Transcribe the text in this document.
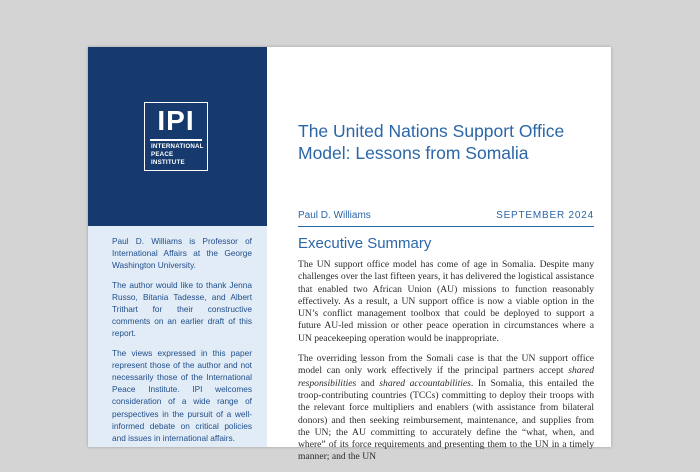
IPI
INTERNATIONAL
PEACE
INSTITUTE

Paul D. Williams is Professor of International Affairs at the George Washington University.

The author would like to thank Jenna Russo, Bitania Tadesse, and Albert Trithart for their constructive comments on an earlier draft of this report.

The views expressed in this paper represent those of the author and not necessarily those of the International Peace Institute. IPI welcomes consideration of a wide range of perspectives in the pursuit of a well-informed debate on critical policies and issues in international affairs.

The United Nations Support Office Model: Lessons from Somalia
Paul D. Williams	SEPTEMBER 2024
Executive Summary

The UN support office model has come of age in Somalia. Despite many challenges over the last fifteen years, it has delivered the logistical assistance that enabled two African Union (AU) missions to function reasonably effectively. As a result, a UN support office is now a viable option in the UN’s conflict management toolbox that could be deployed to support a future AU-led mission or other peace operation in circumstances where a UN peacekeeping operation would be inappropriate.

The overriding lesson from the Somali case is that the UN support office model can only work effectively if the principal partners accept shared responsibilities and shared accountabilities. In Somalia, this entailed the troop-contributing countries (TCCs) committing to deploy their troops with the relevant force multipliers and enablers (with assistance from bilateral donors) and then seeking reimbursement, maintenance, and supplies from the UN; the AU committing to accurately define the “what, when, and where” of its force requirements and presenting them to the UN in a timely manner; and the UN
